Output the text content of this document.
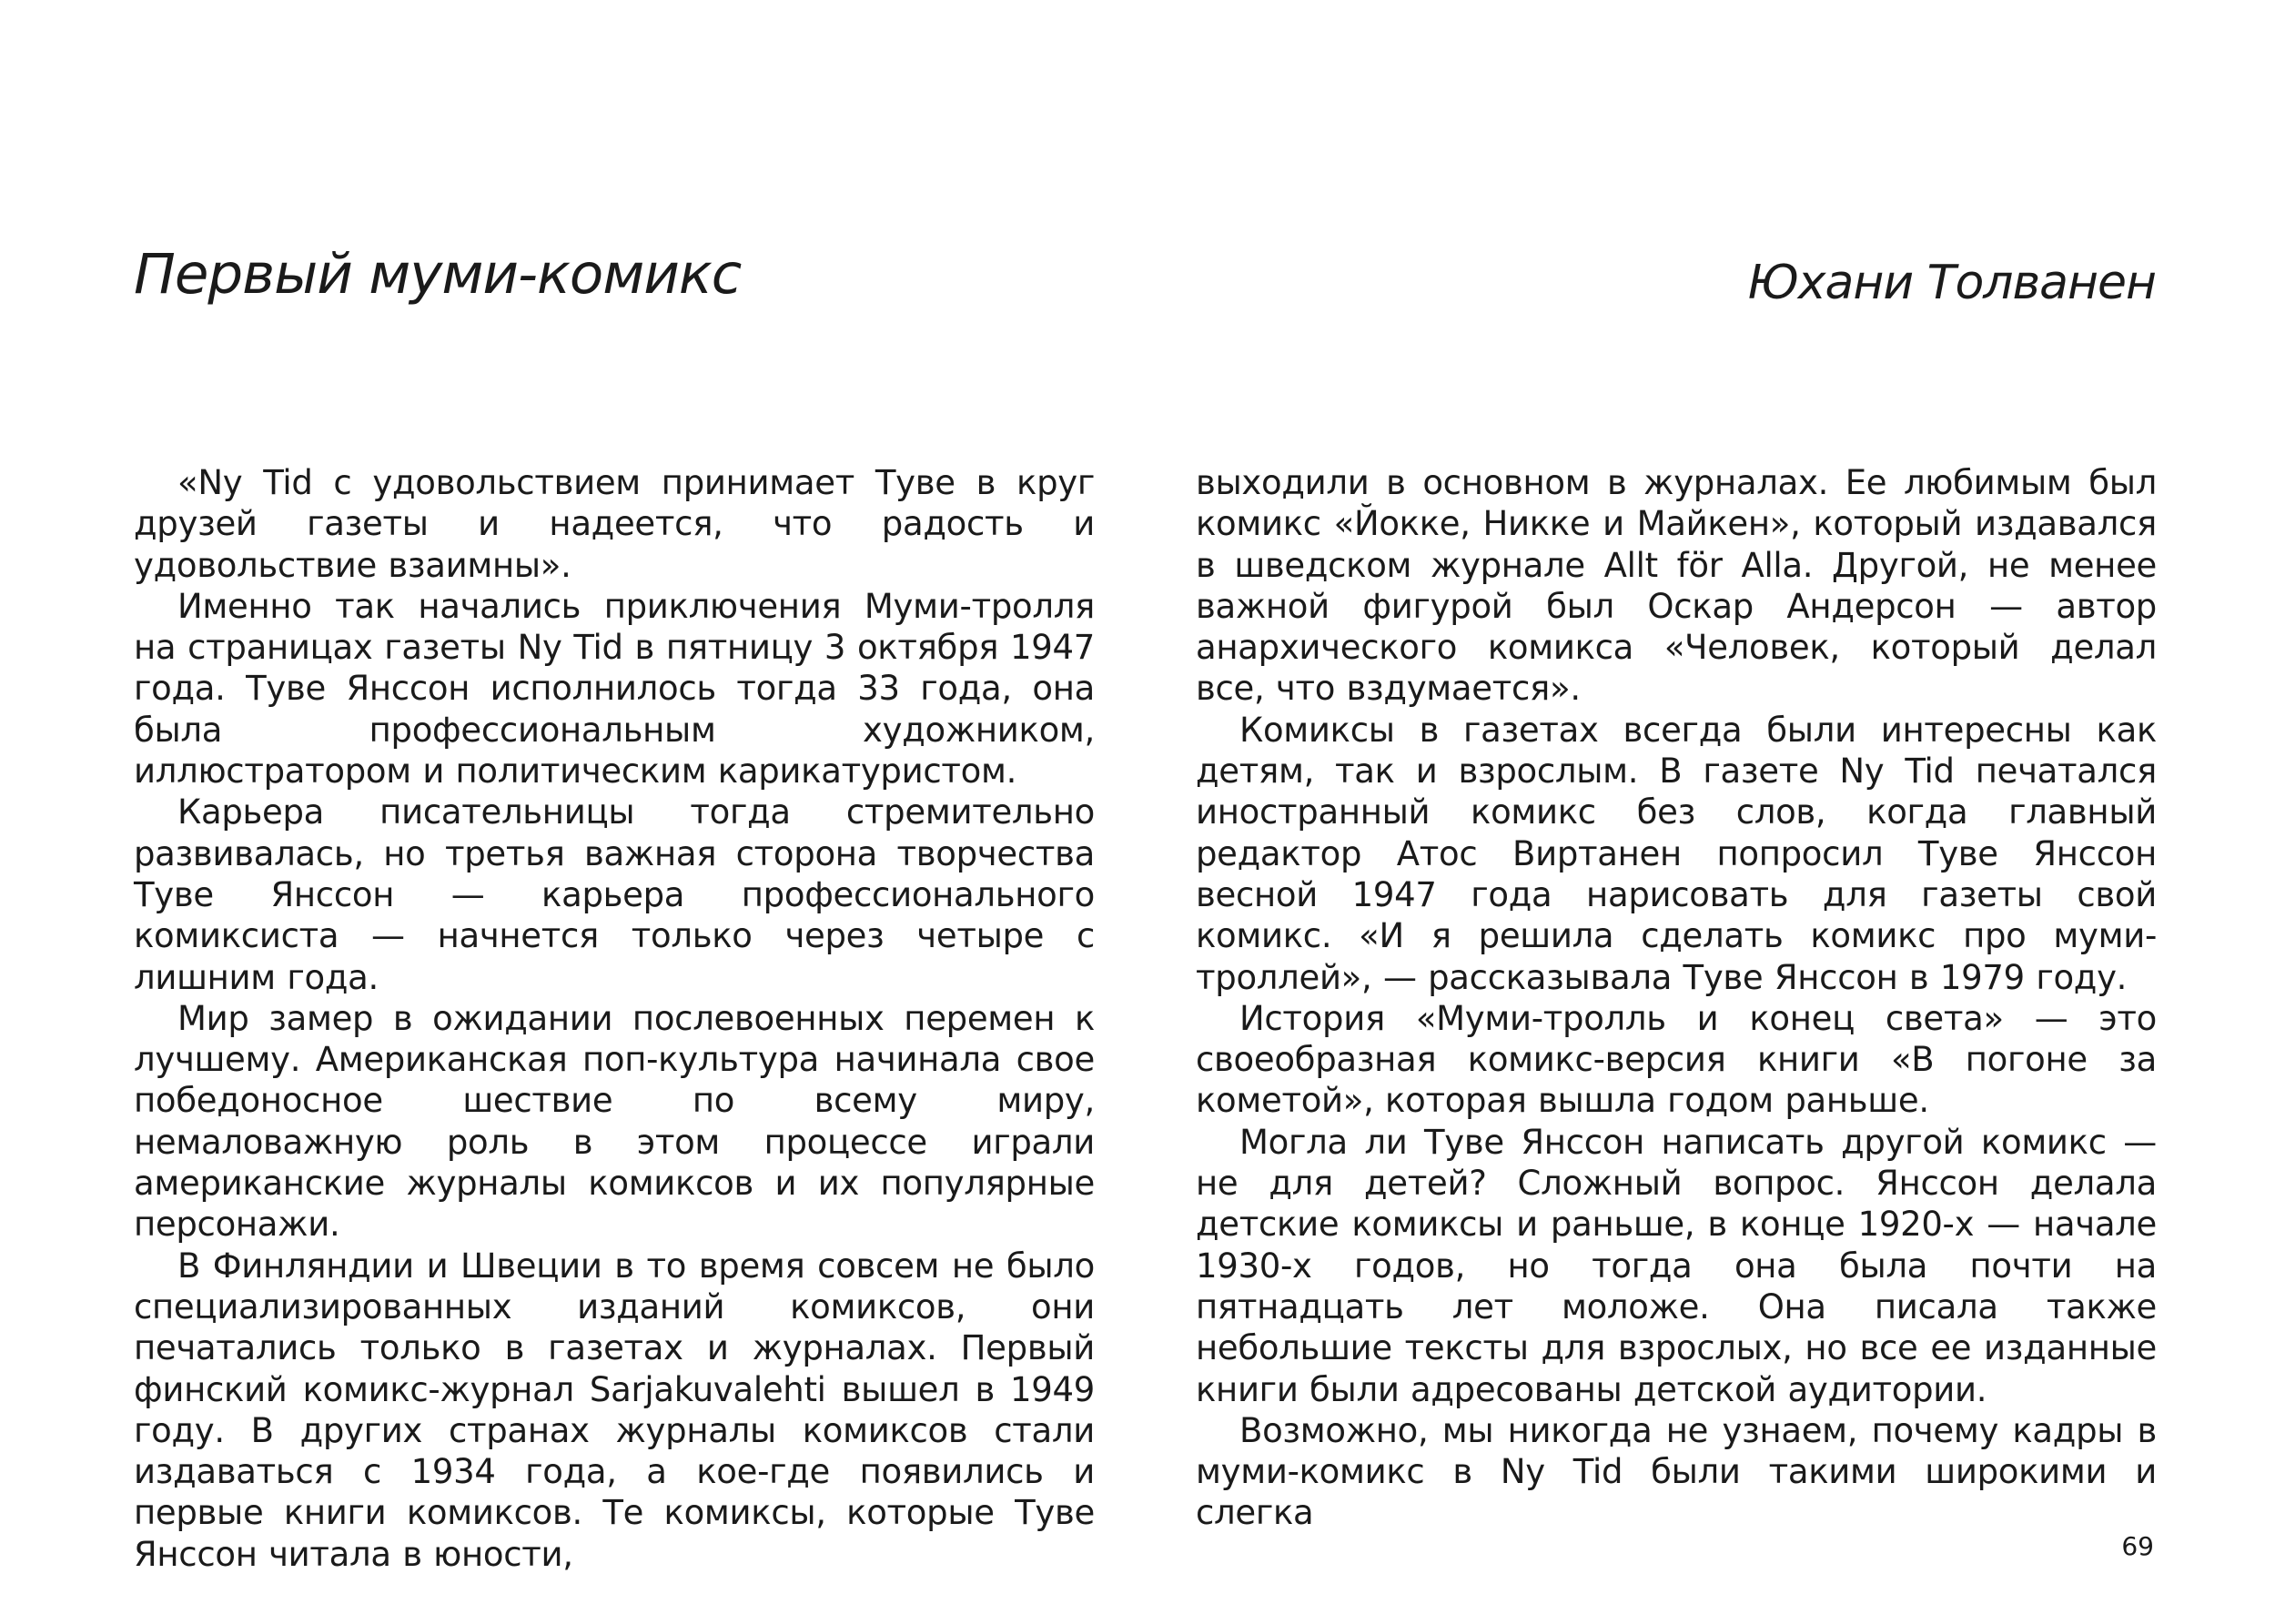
Первый муми-комикс	Юхани Толванен

«Ny Tid с удовольствием принимает Туве в круг друзей газеты и надеется, что радость и удовольствие взаимны».

Именно так начались приключения Муми-тролля на страницах газеты Ny Tid в пятницу 3 октября 1947 года. Туве Янссон исполнилось тогда 33 года, она была профессиональным художником, иллюстратором и политическим карикатуристом.

Карьера писательницы тогда стремительно развивалась, но третья важная сторона творчества Туве Янссон — карьера профессионального комиксиста — начнется только через четыре с лишним года.

Мир замер в ожидании послевоенных перемен к лучшему. Американская поп-культура начинала свое победоносное шествие по всему миру, немаловажную роль в этом процессе играли американские журналы комиксов и их популярные персонажи.

В Финляндии и Швеции в то время совсем не было специализированных изданий комиксов, они печатались только в газетах и журналах. Первый финский комикс-журнал Sarjakuvalehti вышел в 1949 году. В других странах журналы комиксов стали издаваться с 1934 года, а кое-где появились и первые книги комиксов. Те комиксы, которые Туве Янссон читала в юности,

выходили в основном в журналах. Ее любимым был комикс «Йокке, Никке и Майкен», который издавался в шведском журнале Allt för Alla. Другой, не менее важной фигурой был Оскар Андерсон — автор анархического комикса «Человек, который делал все, что вздумается».

Комиксы в газетах всегда были интересны как детям, так и взрослым. В газете Ny Tid печатался иностранный комикс без слов, когда главный редактор Атос Виртанен попросил Туве Янссон весной 1947 года нарисовать для газеты свой комикс. «И я решила сделать комикс про муми-троллей», — рассказывала Туве Янссон в 1979 году.

История «Муми-тролль и конец света» — это своеобразная комикс-версия книги «В погоне за кометой», которая вышла годом раньше.

Могла ли Туве Янссон написать другой комикс — не для детей? Сложный вопрос. Янссон делала детские комиксы и раньше, в конце 1920-х — начале 1930-х годов, но тогда она была почти на пятнадцать лет моложе. Она писала также небольшие тексты для взрослых, но все ее изданные книги были адресованы детской аудитории.

Возможно, мы никогда не узнаем, почему кадры в муми-комикс в Ny Tid были такими широкими и слегка

69
